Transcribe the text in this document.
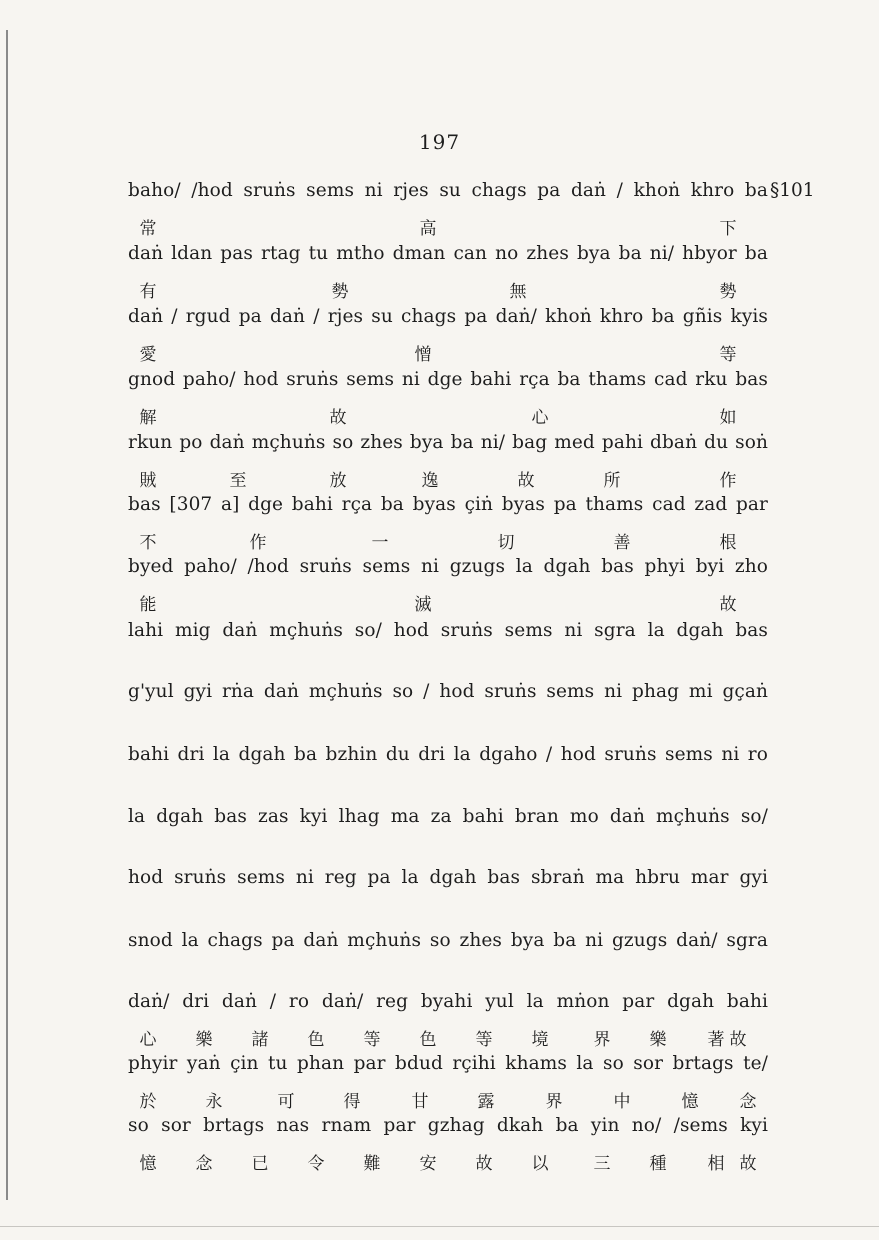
197
§101
baho/ /hod sruṅs sems ni rjes su chags pa daṅ / khoṅ khro ba
常	高	下
daṅ ldan pas rtag tu mtho dman can no zhes bya ba ni/ hbyor ba
有	勢	無	勢
daṅ / rgud pa daṅ / rjes su chags pa daṅ/ khoṅ khro ba gñis kyis
愛	憎	等
gnod paho/ hod sruṅs sems ni dge bahi rça ba thams cad rku bas
解	故	心	如
rkun po daṅ mçhuṅs so zhes bya ba ni/ bag med pahi dbaṅ du soṅ
賊	至	放	逸	故	所	作
bas [307 a] dge bahi rça ba byas çiṅ byas pa thams cad zad par
不	作	一	切	善	根
byed paho/ /hod sruṅs sems ni gzugs la dgah bas phyi byi zho
能	滅	故
lahi mig daṅ mçhuṅs so/ hod sruṅs sems ni sgra la dgah bas
g'yul gyi rṅa daṅ mçhuṅs so / hod sruṅs sems ni phag mi gçaṅ
bahi dri la dgah ba bzhin du dri la dgaho / hod sruṅs sems ni ro
la dgah bas zas kyi lhag ma za bahi bran mo daṅ mçhuṅs so/
hod sruṅs sems ni reg pa la dgah bas sbraṅ ma hbru mar gyi
snod la chags pa daṅ mçhuṅs so zhes bya ba ni gzugs daṅ/ sgra
daṅ/ dri daṅ / ro daṅ/ reg byahi yul la mṅon par dgah bahi
心 樂 諸 色 等 色 等 境	界 樂 著 故
phyir yaṅ çin tu phan par bdud rçihi khams la so sor brtags te/
於	永	可	得	甘	露	界	中	憶 念
so sor brtags nas rnam par gzhag dkah ba yin no/ /sems kyi
憶 念 已 令 難 安 故 以	三 種 相 故
